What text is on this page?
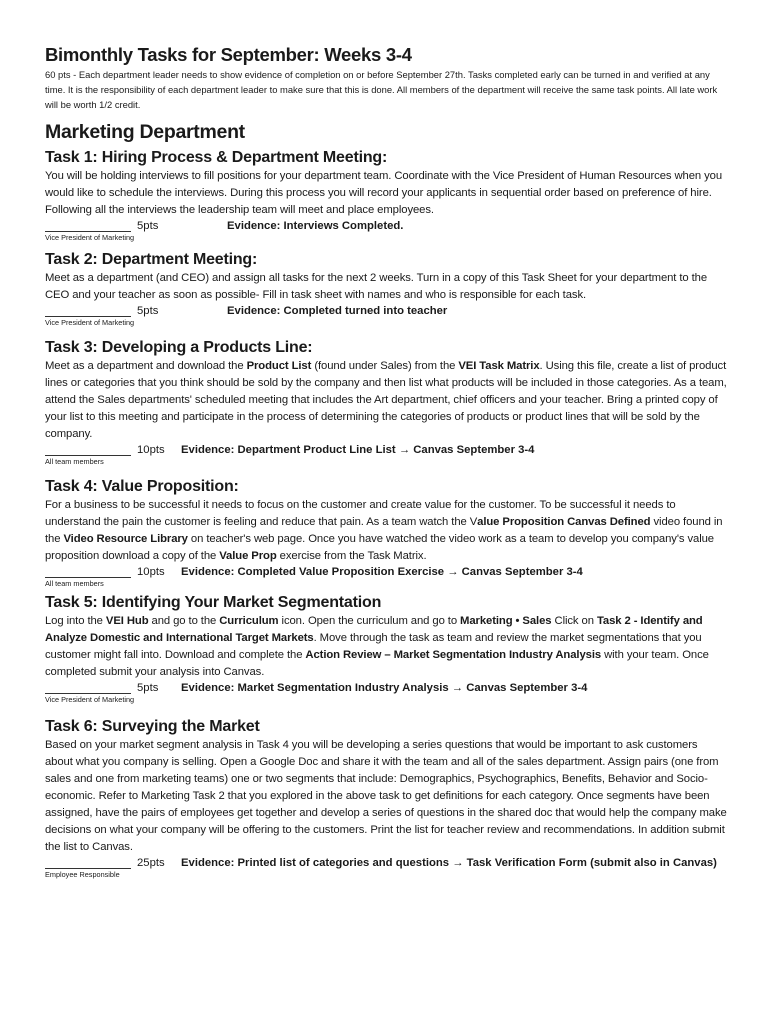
Bimonthly Tasks for September: Weeks 3-4

60 pts - Each department leader needs to show evidence of completion on or before September 27th. Tasks completed early can be turned in and verified at any time. It is the responsibility of each department leader to make sure that this is done. All members of the department will receive the same task points. All late work will be worth 1/2 credit.

Marketing Department
Task 1: Hiring Process & Department Meeting:

You will be holding interviews to fill positions for your department team. Coordinate with the Vice President of Human Resources when you would like to schedule the interviews. During this process you will record your applicants in sequential order based on preference of hire. Following all the interviews the leadership team will meet and place employees.

5pts	Evidence: Interviews Completed.
Vice President of Marketing
Task 2: Department Meeting:

Meet as a department (and CEO) and assign all tasks for the next 2 weeks. Turn in a copy of this Task Sheet for your department to the CEO and your teacher as soon as possible- Fill in task sheet with names and who is responsible for each task.

5pts	Evidence: Completed turned into teacher
Vice President of Marketing
Task 3: Developing a Products Line:

Meet as a department and download the Product List (found under Sales) from the VEI Task Matrix. Using this file, create a list of product lines or categories that you think should be sold by the company and then list what products will be included in those categories. As a team, attend the Sales departments' scheduled meeting that includes the Art department, chief officers and your teacher. Bring a printed copy of your list to this meeting and participate in the process of determining the categories of products or product lines that will be sold by the company.

10pts Evidence: Department Product Line List → Canvas September 3-4
All team members
Task 4: Value Proposition:

For a business to be successful it needs to focus on the customer and create value for the customer. To be successful it needs to understand the pain the customer is feeling and reduce that pain. As a team watch the Value Proposition Canvas Defined video found in the Video Resource Library on teacher's web page. Once you have watched the video work as a team to develop you company's value proposition download a copy of the Value Prop exercise from the Task Matrix.

10pts Evidence: Completed Value Proposition Exercise → Canvas September 3-4
All team members
Task 5: Identifying Your Market Segmentation

Log into the VEI Hub and go to the Curriculum icon. Open the curriculum and go to Marketing • Sales Click on Task 2 - Identify and Analyze Domestic and International Target Markets. Move through the task as team and review the market segmentations that you customer might fall into. Download and complete the Action Review – Market Segmentation Industry Analysis with your team. Once completed submit your analysis into Canvas.

5pts Evidence: Market Segmentation Industry Analysis → Canvas September 3-4
Vice President of Marketing
Task 6: Surveying the Market

Based on your market segment analysis in Task 4 you will be developing a series questions that would be important to ask customers about what you company is selling. Open a Google Doc and share it with the team and all of the sales department. Assign pairs (one from sales and one from marketing teams) one or two segments that include: Demographics, Psychographics, Benefits, Behavior and Socio-economic. Refer to Marketing Task 2 that you explored in the above task to get definitions for each category. Once segments have been assigned, have the pairs of employees get together and develop a series of questions in the shared doc that would help the company make decisions on what your company will be offering to the customers. Print the list for teacher review and recommendations. In addition submit the list to Canvas.

25pts Evidence: Printed list of categories and questions → Task Verification Form (submit also in Canvas)
Employee Responsible
